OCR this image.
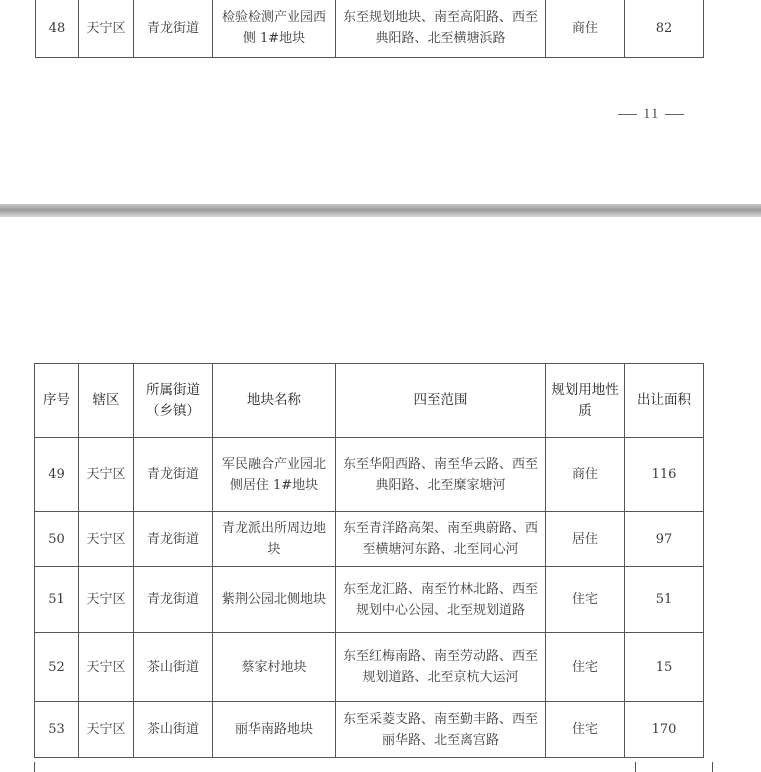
48	天宁区	青龙街道	检验检测产业园西侧 1#地块	东至规划地块、南至高阳路、西至典阳路、北至横塘浜路	商住	82
11
序号	辖区	所属街道（乡镇）	地块名称	四至范围	规划用地性质	出让面积
49	天宁区	青龙街道	军民融合产业园北侧居住 1#地块	东至华阳西路、南至华云路、西至典阳路、北至糜家塘河	商住	116
50	天宁区	青龙街道	青龙派出所周边地块	东至青洋路高架、南至典蔚路、西至横塘河东路、北至同心河	居住	97
51	天宁区	青龙街道	紫荆公园北侧地块	东至龙汇路、南至竹林北路、西至规划中心公园、北至规划道路	住宅	51
52	天宁区	茶山街道	蔡家村地块	东至红梅南路、南至劳动路、西至规划道路、北至京杭大运河	住宅	15
53	天宁区	茶山街道	丽华南路地块	东至采菱支路、南至勤丰路、西至丽华路、北至离宫路	住宅	170
